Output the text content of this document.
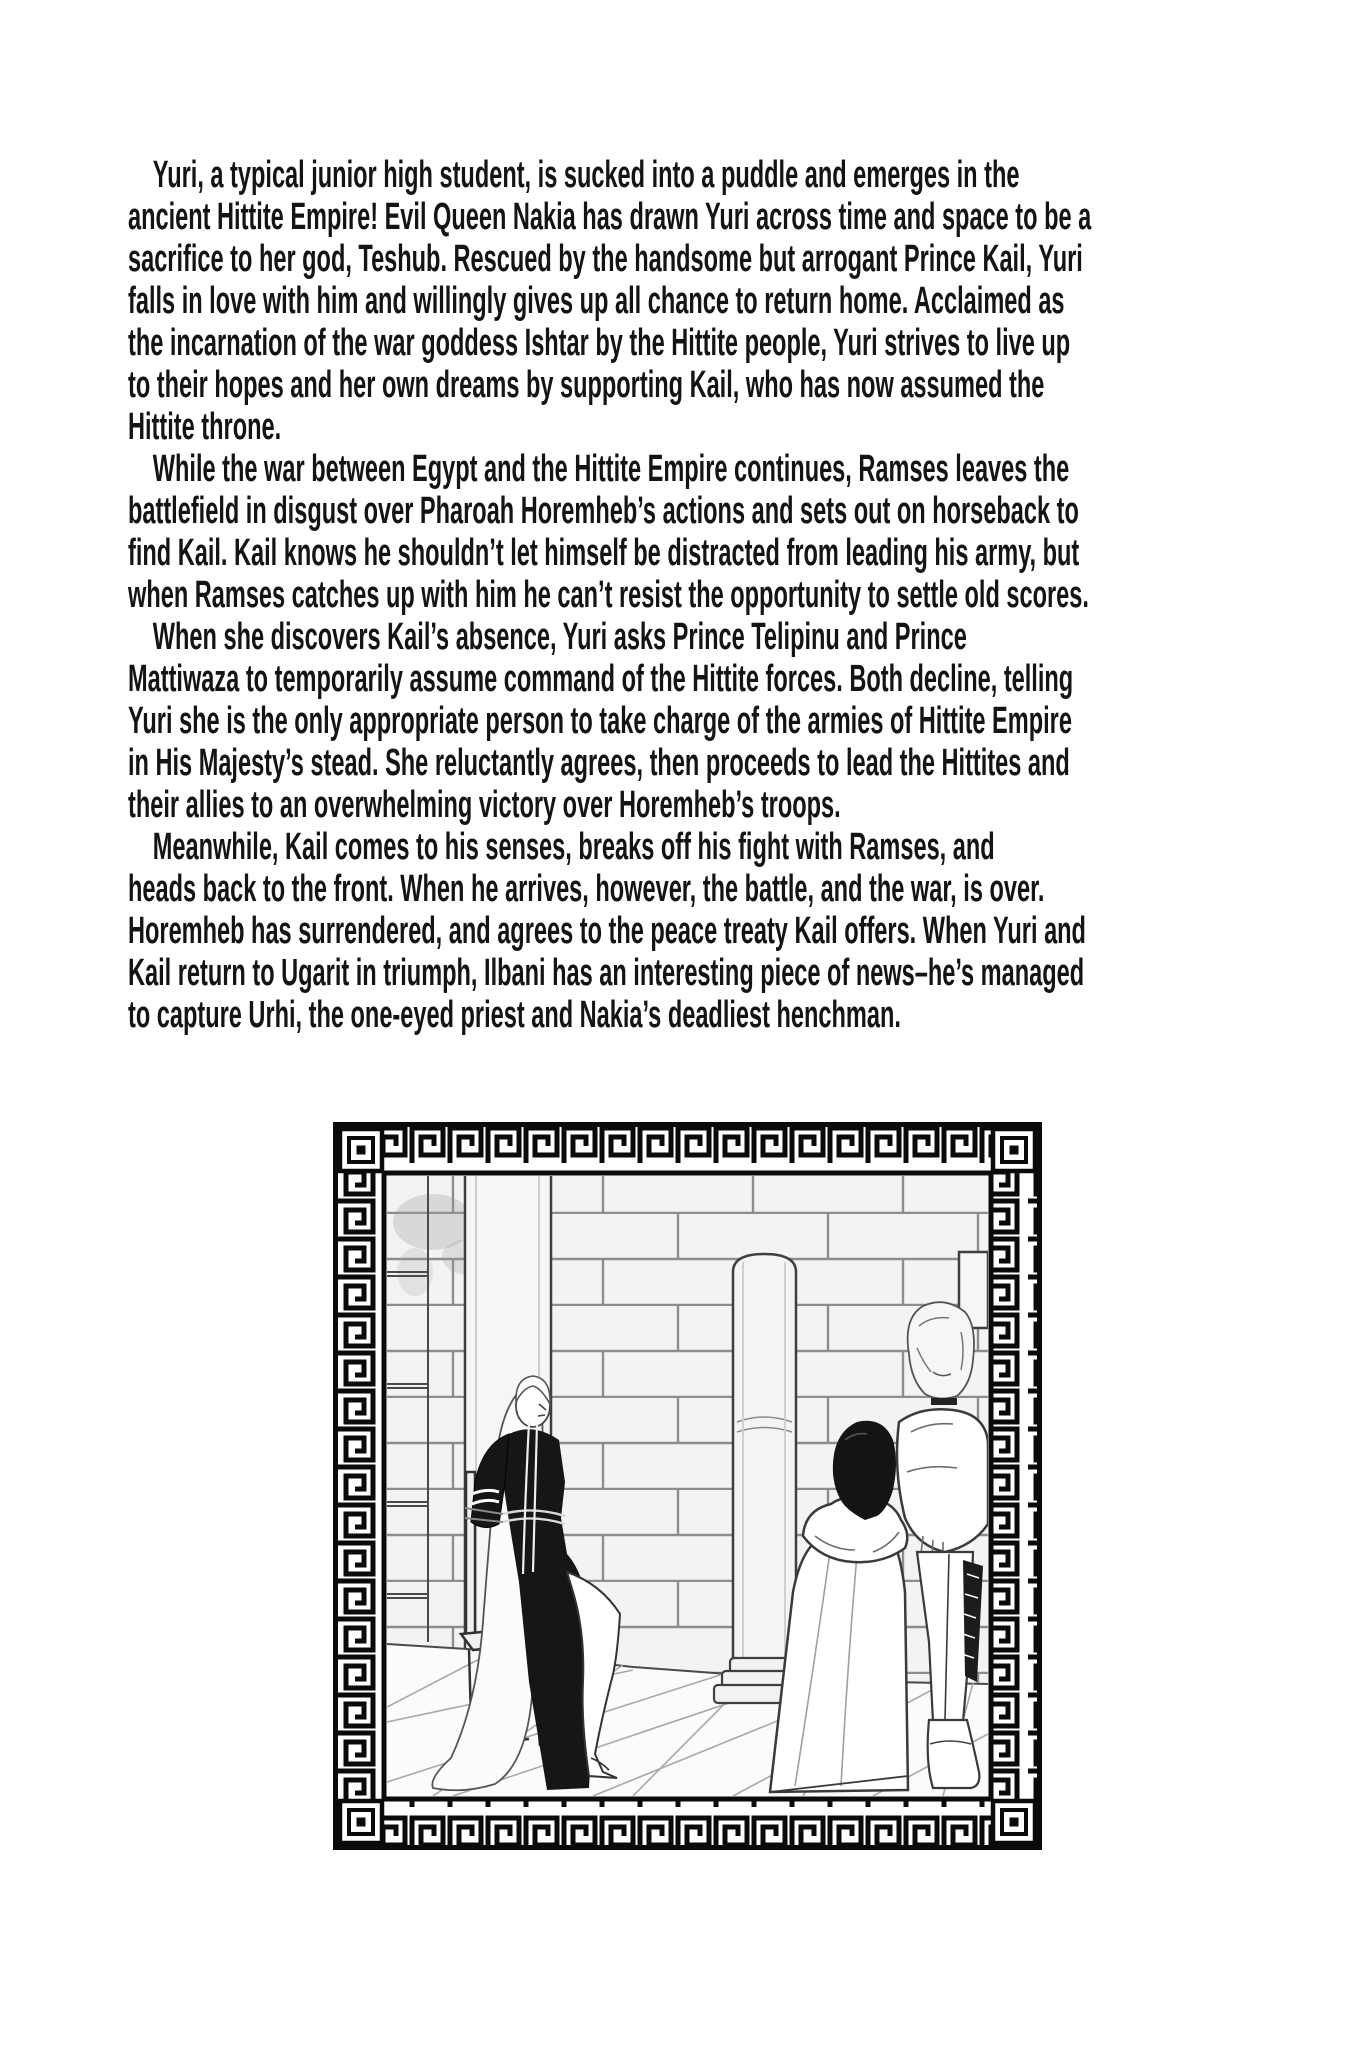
Yuri, a typical junior high student, is sucked into a puddle and emerges in the
ancient Hittite Empire! Evil Queen Nakia has drawn Yuri across time and space to be a
sacrifice to her god, Teshub. Rescued by the handsome but arrogant Prince Kail, Yuri
falls in love with him and willingly gives up all chance to return home. Acclaimed as
the incarnation of the war goddess Ishtar by the Hittite people, Yuri strives to live up
to their hopes and her own dreams by supporting Kail, who has now assumed the
Hittite throne.
While the war between Egypt and the Hittite Empire continues, Ramses leaves the
battlefield in disgust over Pharoah Horemheb’s actions and sets out on horseback to
find Kail. Kail knows he shouldn’t let himself be distracted from leading his army, but
when Ramses catches up with him he can’t resist the opportunity to settle old scores.
When she discovers Kail’s absence, Yuri asks Prince Telipinu and Prince
Mattiwaza to temporarily assume command of the Hittite forces. Both decline, telling
Yuri she is the only appropriate person to take charge of the armies of Hittite Empire
in His Majesty’s stead. She reluctantly agrees, then proceeds to lead the Hittites and
their allies to an overwhelming victory over Horemheb’s troops.
Meanwhile, Kail comes to his senses, breaks off his fight with Ramses, and
heads back to the front. When he arrives, however, the battle, and the war, is over.
Horemheb has surrendered, and agrees to the peace treaty Kail offers. When Yuri and
Kail return to Ugarit in triumph, Ilbani has an interesting piece of news–he’s managed
to capture Urhi, the one-eyed priest and Nakia’s deadliest henchman.
